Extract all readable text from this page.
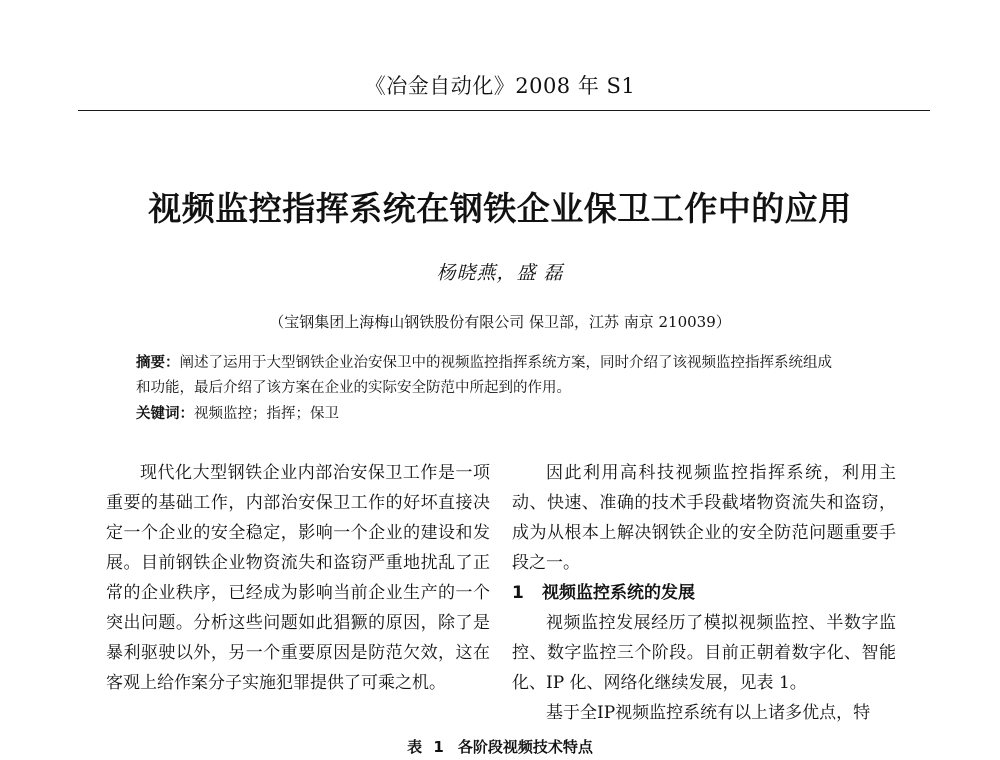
《冶金自动化》2008 年 S1
视频监控指挥系统在钢铁企业保卫工作中的应用
杨晓燕，盛 磊
（宝钢集团上海梅山钢铁股份有限公司 保卫部，江苏 南京 210039）
摘要：阐述了运用于大型钢铁企业治安保卫中的视频监控指挥系统方案，同时介绍了该视频监控指挥系统组成
和功能，最后介绍了该方案在企业的实际安全防范中所起到的作用。
关键词：视频监控；指挥；保卫

现代化大型钢铁企业内部治安保卫工作是一项重要的基础工作，内部治安保卫工作的好坏直接决定一个企业的安全稳定，影响一个企业的建设和发展。目前钢铁企业物资流失和盗窃严重地扰乱了正常的企业秩序，已经成为影响当前企业生产的一个突出问题。分析这些问题如此猖獗的原因，除了是暴利驱驶以外，另一个重要原因是防范欠效，这在客观上给作案分子实施犯罪提供了可乘之机。

因此利用高科技视频监控指挥系统，利用主动、快速、准确的技术手段截堵物资流失和盗窃，成为从根本上解决钢铁企业的安全防范问题重要手段之一。

1 视频监控系统的发展

视频监控发展经历了模拟视频监控、半数字监控、数字监控三个阶段。目前正朝着数字化、智能化、IP 化、网络化继续发展，见表 1。

基于全IP视频监控系统有以上诸多优点，特

表 1 各阶段视频技术特点
